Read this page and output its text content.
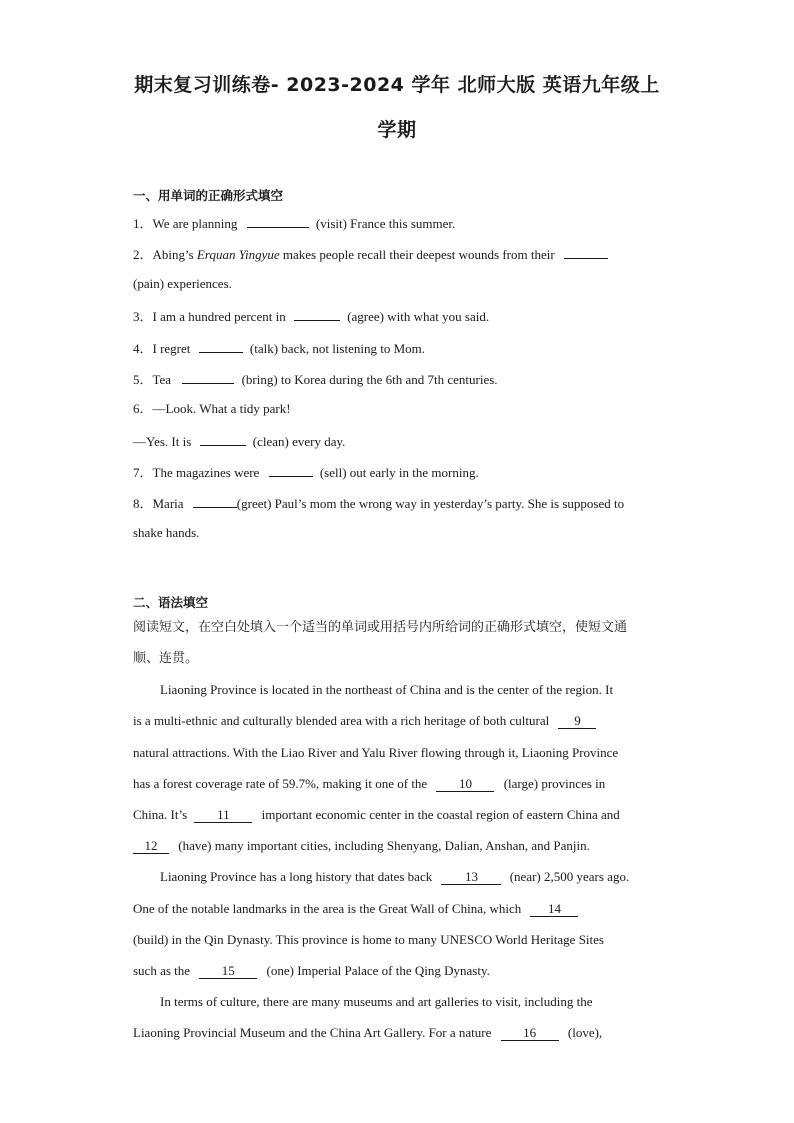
期末复习训练卷- 2023-2024 学年 北师大版 英语九年级上
学期
一、用单词的正确形式填空
1．We are planning	(visit) France this summer.
2．Abing’s Erquan Yingyue makes people recall their deepest wounds from their
(pain) experiences.
3．I am a hundred percent in	(agree) with what you said.
4．I regret	(talk) back, not listening to Mom.
5．Tea	(bring) to Korea during the 6th and 7th centuries.
6．—Look. What a tidy park!
—Yes. It is	(clean) every day.
7．The magazines were	(sell) out early in the morning.
8．Maria	(greet) Paul’s mom the wrong way in yesterday’s party. She is supposed to
shake hands.
二、语法填空
阅读短文，在空白处填入一个适当的单词或用括号内所给词的正确形式填空，使短文通
顺、连贯。
Liaoning Province is located in the northeast of China and is the center of the region. It
is a multi-ethnic and culturally blended area with a rich heritage of both cultural 9
natural attractions. With the Liao River and Yalu River flowing through it, Liaoning Province
has a forest coverage rate of 59.7%, making it one of the 10 (large) provinces in
China. It’s 11 important economic center in the coastal region of eastern China and
12 (have) many important cities, including Shenyang, Dalian, Anshan, and Panjin.
Liaoning Province has a long history that dates back	13 (near) 2,500 years ago.
One of the notable landmarks in the area is the Great Wall of China, which 14
(build) in the Qin Dynasty. This province is home to many UNESCO World Heritage Sites
such as the 15 (one) Imperial Palace of the Qing Dynasty.
In terms of culture, there are many museums and art galleries to visit, including the
Liaoning Provincial Museum and the China Art Gallery. For a nature 16 (love),
